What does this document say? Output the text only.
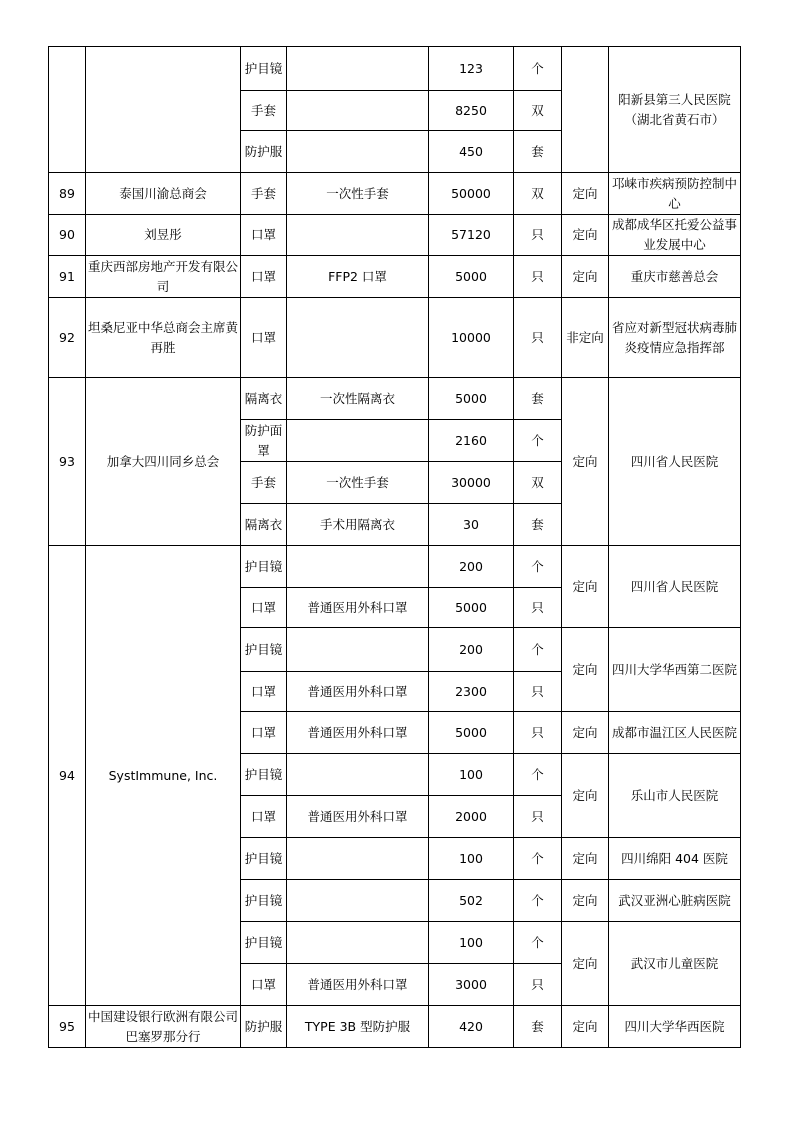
		护目镜		123	个		阳新县第三人民医院（湖北省黄石市）
		手套		8250	双		
		防护服		450	套		
89	泰国川渝总商会	手套	一次性手套	50000	双	定向	邛崃市疾病预防控制中心
90	刘昱彤	口罩		57120	只	定向	成都成华区托爱公益事业发展中心
91	重庆西部房地产开发有限公司	口罩	FFP2 口罩	5000	只	定向	重庆市慈善总会
92	坦桑尼亚中华总商会主席黄再胜	口罩		10000	只	非定向	省应对新型冠状病毒肺炎疫情应急指挥部
93	加拿大四川同乡总会	隔离衣	一次性隔离衣	5000	套	定向	四川省人民医院
		防护面罩		2160	个		
		手套	一次性手套	30000	双		
		隔离衣	手术用隔离衣	30	套		
94	SystImmune, Inc.	护目镜		200	个	定向	四川省人民医院
		口罩	普通医用外科口罩	5000	只		
		护目镜		200	个	定向	四川大学华西第二医院
		口罩	普通医用外科口罩	2300	只		
		口罩	普通医用外科口罩	5000	只	定向	成都市温江区人民医院
		护目镜		100	个	定向	乐山市人民医院
		口罩	普通医用外科口罩	2000	只		
		护目镜		100	个	定向	四川绵阳 404 医院
		护目镜		502	个	定向	武汉亚洲心脏病医院
		护目镜		100	个	定向	武汉市儿童医院
		口罩	普通医用外科口罩	3000	只		
95	中国建设银行欧洲有限公司巴塞罗那分行	防护服	TYPE 3B 型防护服	420	套	定向	四川大学华西医院
